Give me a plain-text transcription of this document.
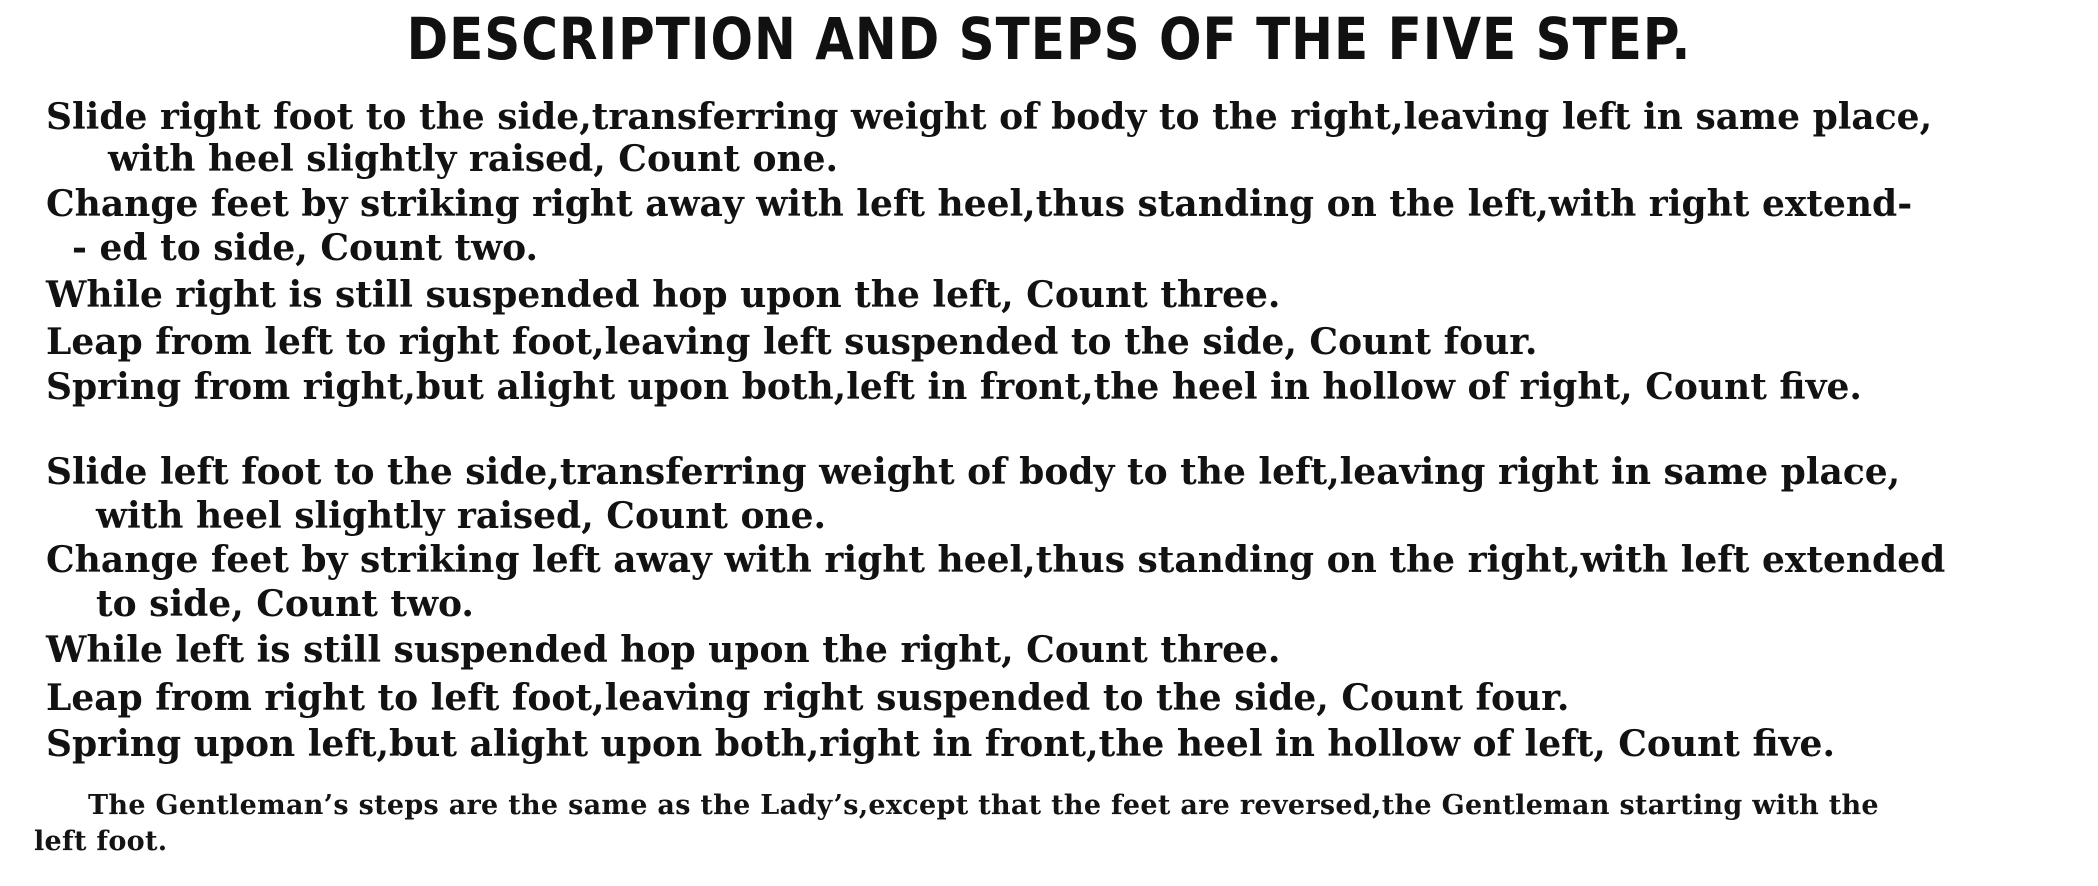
DESCRIPTION AND STEPS OF THE FIVE STEP.
Slide right foot to the side,transferring weight of body to the right,leaving left in same place,
with heel slightly raised, Count one.
Change feet by striking right away with left heel,thus standing on the left,with right extend-
- ed to side, Count two.
While right is still suspended hop upon the left, Count three.
Leap from left to right foot,leaving left suspended to the side, Count four.
Spring from right,but alight upon both,left in front,the heel in hollow of right, Count five.
Slide left foot to the side,transferring weight of body to the left,leaving right in same place,
with heel slightly raised, Count one.
Change feet by striking left away with right heel,thus standing on the right,with left extended
to side, Count two.
While left is still suspended hop upon the right, Count three.
Leap from right to left foot,leaving right suspended to the side, Count four.
Spring upon left,but alight upon both,right in front,the heel in hollow of left, Count five.
The Gentleman’s steps are the same as the Lady’s,except that the feet are reversed,the Gentleman starting with the
left foot.
